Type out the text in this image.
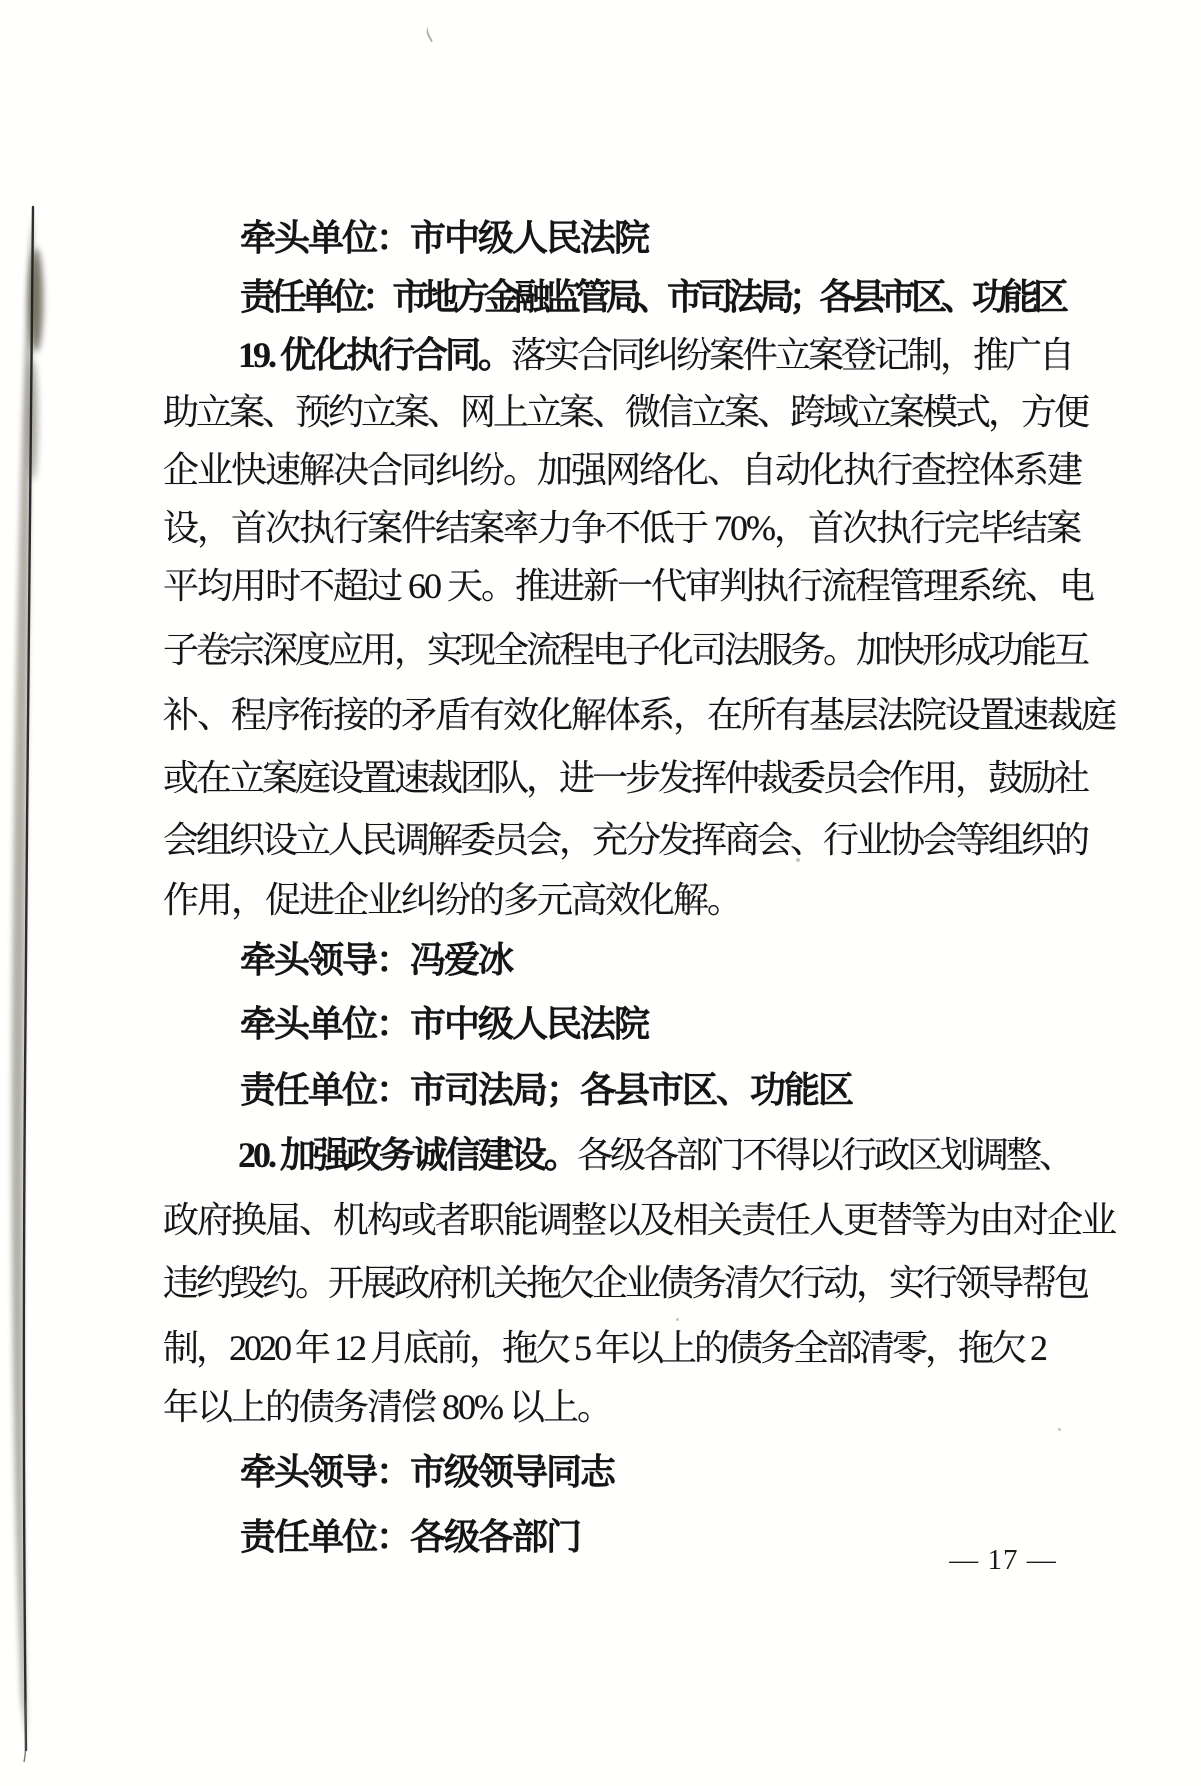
牵头单位：市中级人民法院
责任单位：市地方金融监管局、市司法局；各县市区、功能区
19. 优化执行合同。落实合同纠纷案件立案登记制，推广自
助立案、预约立案、网上立案、微信立案、跨域立案模式，方便
企业快速解决合同纠纷。加强网络化、自动化执行查控体系建
设，首次执行案件结案率力争不低于 70%，首次执行完毕结案
平均用时不超过 60 天。推进新一代审判执行流程管理系统、电
子卷宗深度应用，实现全流程电子化司法服务。加快形成功能互
补、程序衔接的矛盾有效化解体系，在所有基层法院设置速裁庭
或在立案庭设置速裁团队，进一步发挥仲裁委员会作用，鼓励社
会组织设立人民调解委员会，充分发挥商会、行业协会等组织的
作用，促进企业纠纷的多元高效化解。
牵头领导：冯爱冰
牵头单位：市中级人民法院
责任单位：市司法局；各县市区、功能区
20. 加强政务诚信建设。各级各部门不得以行政区划调整、
政府换届、机构或者职能调整以及相关责任人更替等为由对企业
违约毁约。开展政府机关拖欠企业债务清欠行动，实行领导帮包
制，2020 年 12 月底前，拖欠 5 年以上的债务全部清零，拖欠 2
年以上的债务清偿 80% 以上。
牵头领导：市级领导同志
责任单位：各级各部门
— 17 —
